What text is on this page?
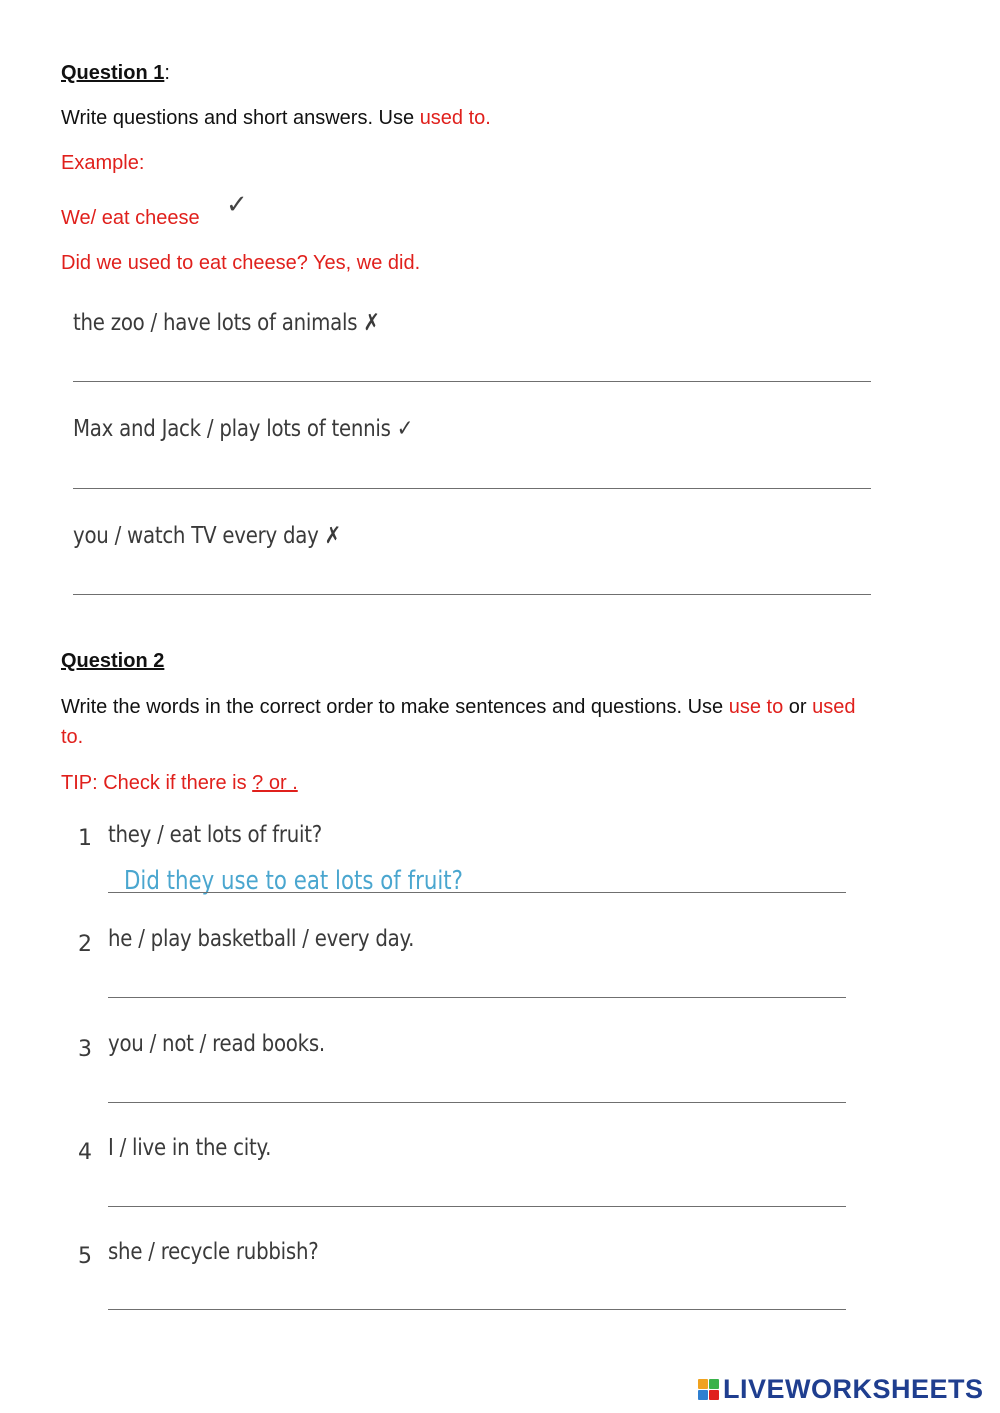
Question 1:
Write questions and short answers. Use used to.
Example:
We/ eat cheese ✓
Did we used to eat cheese? Yes, we did.
the zoo / have lots of animals ✗
Max and Jack / play lots of tennis ✓
you / watch TV every day ✗
Question 2
Write the words in the correct order to make sentences and questions. Use use to or used
to.
TIP: Check if there is ? or .
1 they / eat lots of fruit?
Did they use to eat lots of fruit?
2 he / play basketball / every day.
3 you / not / read books.
4 I / live in the city.
5 she / recycle rubbish?
LIVEWORKSHEETS
